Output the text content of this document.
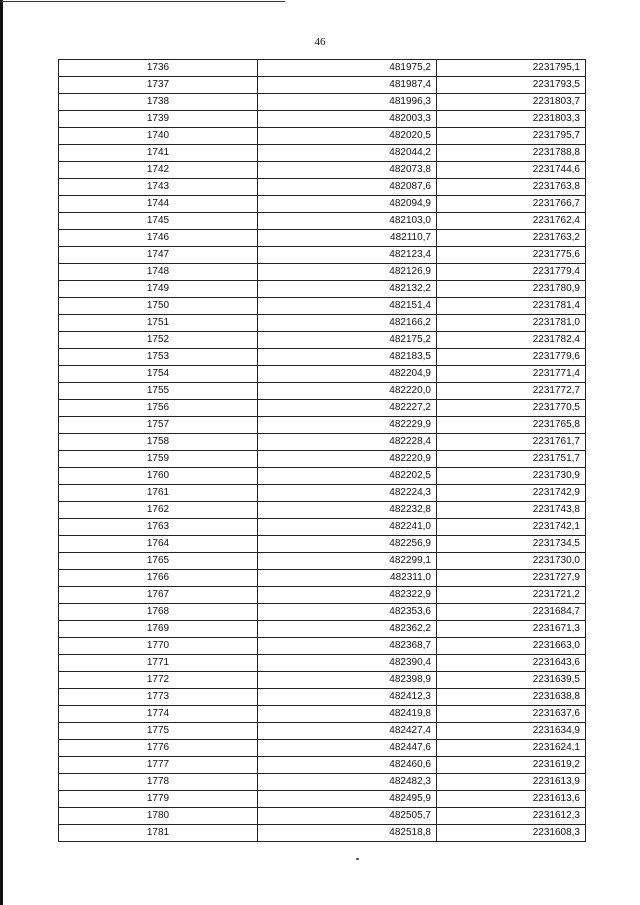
46
1736	481975,2	2231795,1
1737	481987,4	2231793,5
1738	481996,3	2231803,7
1739	482003,3	2231803,3
1740	482020,5	2231795,7
1741	482044,2	2231788,8
1742	482073,8	2231744,6
1743	482087,6	2231763,8
1744	482094,9	2231766,7
1745	482103,0	2231762,4
1746	482110,7	2231763,2
1747	482123,4	2231775,6
1748	482126,9	2231779,4
1749	482132,2	2231780,9
1750	482151,4	2231781,4
1751	482166,2	2231781,0
1752	482175,2	2231782,4
1753	482183,5	2231779,6
1754	482204,9	2231771,4
1755	482220,0	2231772,7
1756	482227,2	2231770,5
1757	482229,9	2231765,8
1758	482228,4	2231761,7
1759	482220,9	2231751,7
1760	482202,5	2231730,9
1761	482224,3	2231742,9
1762	482232,8	2231743,8
1763	482241,0	2231742,1
1764	482256,9	2231734,5
1765	482299,1	2231730,0
1766	482311,0	2231727,9
1767	482322,9	2231721,2
1768	482353,6	2231684,7
1769	482362,2	2231671,3
1770	482368,7	2231663,0
1771	482390,4	2231643,6
1772	482398,9	2231639,5
1773	482412,3	2231638,8
1774	482419,8	2231637,6
1775	482427,4	2231634,9
1776	482447,6	2231624,1
1777	482460,6	2231619,2
1778	482482,3	2231613,9
1779	482495,9	2231613,6
1780	482505,7	2231612,3
1781	482518,8	2231608,3
